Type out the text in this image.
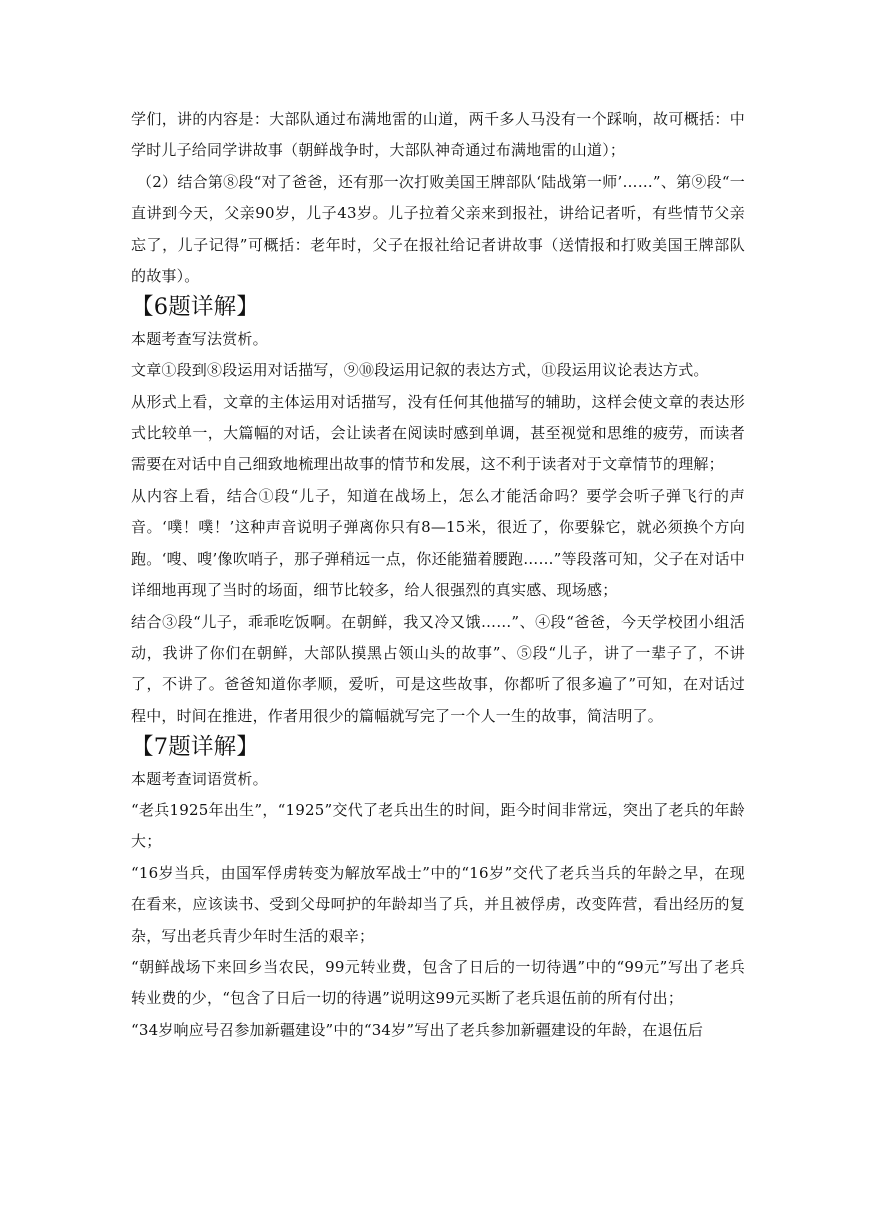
学们，讲的内容是：大部队通过布满地雷的山道，两千多人马没有一个踩响，故可概括：中学时儿子给同学讲故事（朝鲜战争时，大部队神奇通过布满地雷的山道）；

（2）结合第⑧段“对了爸爸，还有那一次打败美国王牌部队‘陆战第一师’……”、第⑨段“一直讲到今天，父亲90岁，儿子43岁。儿子拉着父亲来到报社，讲给记者听，有些情节父亲忘了，儿子记得”可概括：老年时，父子在报社给记者讲故事（送情报和打败美国王牌部队的故事）。

【6题详解】

本题考查写法赏析。

文章①段到⑧段运用对话描写，⑨⑩段运用记叙的表达方式，⑪段运用议论表达方式。

从形式上看，文章的主体运用对话描写，没有任何其他描写的辅助，这样会使文章的表达形式比较单一，大篇幅的对话，会让读者在阅读时感到单调，甚至视觉和思维的疲劳，而读者需要在对话中自己细致地梳理出故事的情节和发展，这不利于读者对于文章情节的理解；

从内容上看，结合①段“儿子，知道在战场上，怎么才能活命吗？要学会听子弹飞行的声音。‘噗！噗！’这种声音说明子弹离你只有8—15米，很近了，你要躲它，就必须换个方向跑。‘嗖、嗖’像吹哨子，那子弹稍远一点，你还能猫着腰跑……”等段落可知，父子在对话中详细地再现了当时的场面，细节比较多，给人很强烈的真实感、现场感；

结合③段“儿子，乖乖吃饭啊。在朝鲜，我又冷又饿……”、④段“爸爸，今天学校团小组活动，我讲了你们在朝鲜，大部队摸黑占领山头的故事”、⑤段“儿子，讲了一辈子了，不讲了，不讲了。爸爸知道你孝顺，爱听，可是这些故事，你都听了很多遍了”可知，在对话过程中，时间在推进，作者用很少的篇幅就写完了一个人一生的故事，简洁明了。

【7题详解】

本题考查词语赏析。

“老兵1925年出生”，“1925”交代了老兵出生的时间，距今时间非常远，突出了老兵的年龄大；

“16岁当兵，由国军俘虏转变为解放军战士”中的“16岁”交代了老兵当兵的年龄之早，在现在看来，应该读书、受到父母呵护的年龄却当了兵，并且被俘虏，改变阵营，看出经历的复杂，写出老兵青少年时生活的艰辛；

“朝鲜战场下来回乡当农民，99元转业费，包含了日后的一切待遇”中的“99元”写出了老兵转业费的少，“包含了日后一切的待遇”说明这99元买断了老兵退伍前的所有付出；

“34岁响应号召参加新疆建设”中的“34岁”写出了老兵参加新疆建设的年龄，在退伍后
